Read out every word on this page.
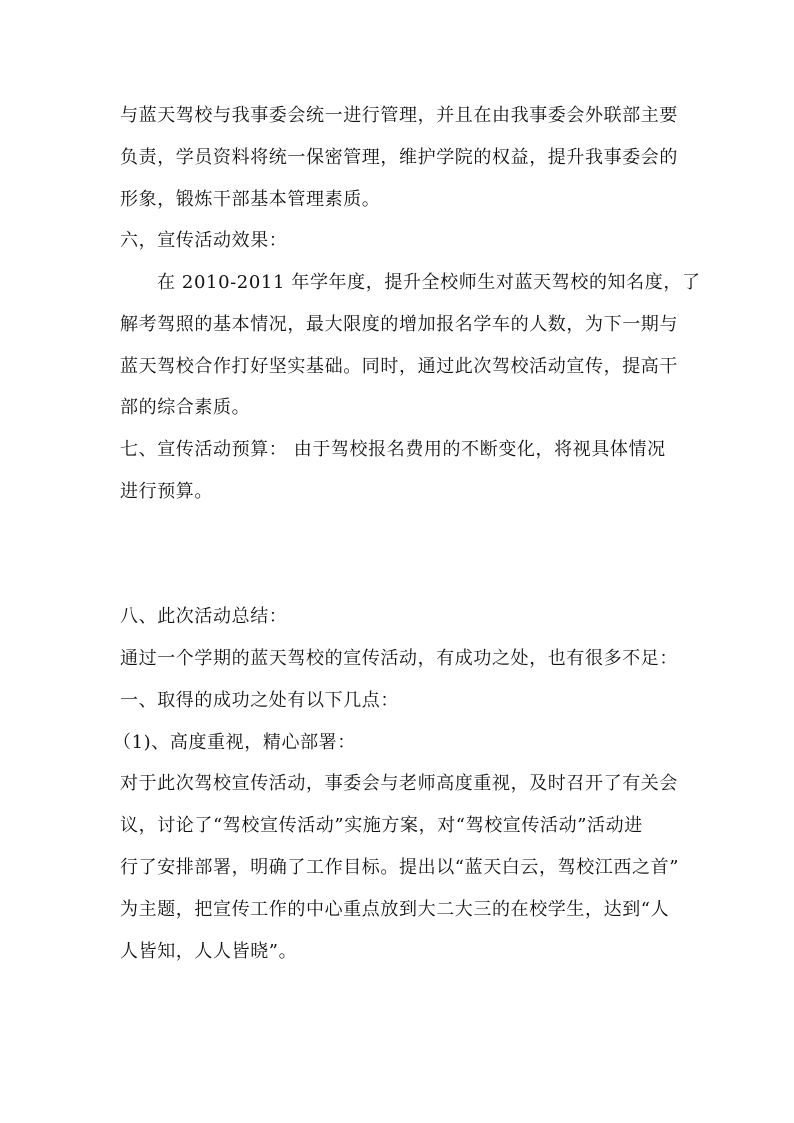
与蓝天驾校与我事委会统一进行管理，并且在由我事委会外联部主要
负责，学员资料将统一保密管理，维护学院的权益，提升我事委会的
形象，锻炼干部基本管理素质。
六，宣传活动效果：
在 2010-2011 年学年度，提升全校师生对蓝天驾校的知名度，了
解考驾照的基本情况，最大限度的增加报名学车的人数，为下一期与
蓝天驾校合作打好坚实基础。同时，通过此次驾校活动宣传，提高干
部的综合素质。
七、宣传活动预算： 由于驾校报名费用的不断变化，将视具体情况
进行预算。
八、此次活动总结：
通过一个学期的蓝天驾校的宣传活动，有成功之处，也有很多不足：
一、取得的成功之处有以下几点：
（1)、高度重视，精心部署：
对于此次驾校宣传活动，事委会与老师高度重视，及时召开了有关会
议，讨论了“驾校宣传活动”实施方案，对“驾校宣传活动”活动进
行了安排部署，明确了工作目标。提出以“蓝天白云，驾校江西之首”
为主题，把宣传工作的中心重点放到大二大三的在校学生，达到“人
人皆知，人人皆晓”。
